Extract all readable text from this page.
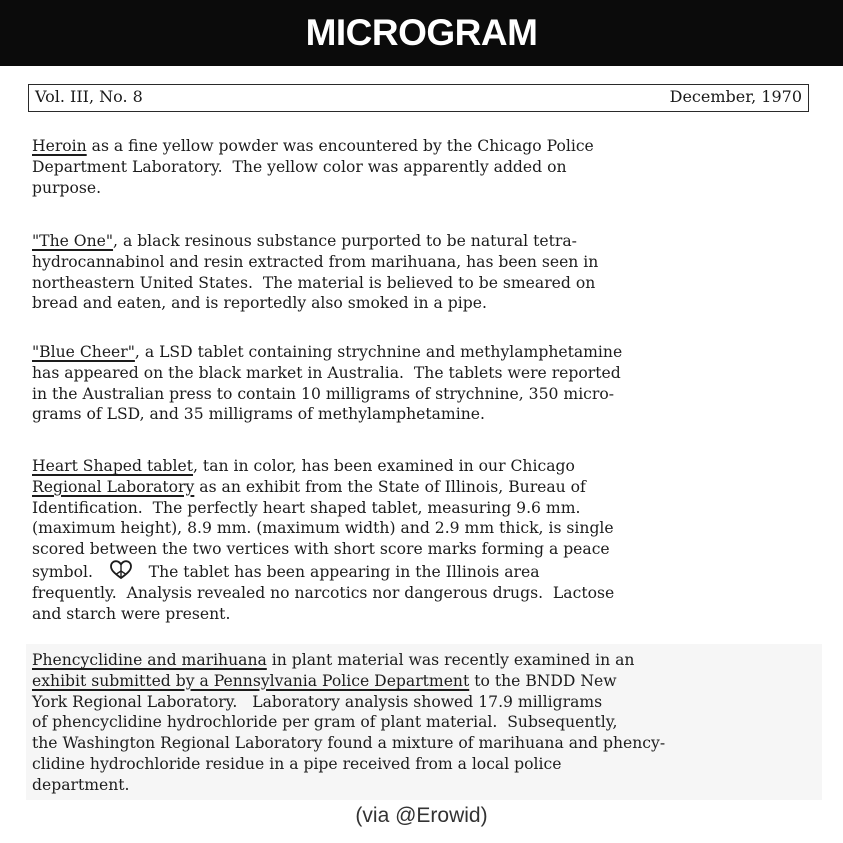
MICROGRAM
Vol. III, No. 8	December, 1970

Heroin as a fine yellow powder was encountered by the Chicago Police
Department Laboratory.  The yellow color was apparently added on
purpose.

"The One", a black resinous substance purported to be natural tetra-
hydrocannabinol and resin extracted from marihuana, has been seen in
northeastern United States.  The material is believed to be smeared on
bread and eaten, and is reportedly also smoked in a pipe.

"Blue Cheer", a LSD tablet containing strychnine and methylamphetamine
has appeared on the black market in Australia.  The tablets were reported
in the Australian press to contain 10 milligrams of strychnine, 350 micro-
grams of LSD, and 35 milligrams of methylamphetamine.

Heart Shaped tablet, tan in color, has been examined in our Chicago
Regional Laboratory as an exhibit from the State of Illinois, Bureau of
Identification.  The perfectly heart shaped tablet, measuring 9.6 mm.
(maximum height), 8.9 mm. (maximum width) and 2.9 mm thick, is single
scored between the two vertices with short score marks forming a peace
symbol.	The tablet has been appearing in the Illinois area
frequently.  Analysis revealed no narcotics nor dangerous drugs.  Lactose
and starch were present.

Phencyclidine and marihuana in plant material was recently examined in an
exhibit submitted by a Pennsylvania Police Department to the BNDD New
York Regional Laboratory.   Laboratory analysis showed 17.9 milligrams
of phencyclidine hydrochloride per gram of plant material.  Subsequently,
the Washington Regional Laboratory found a mixture of marihuana and phency-
clidine hydrochloride residue in a pipe received from a local police
department.

(via @Erowid)
